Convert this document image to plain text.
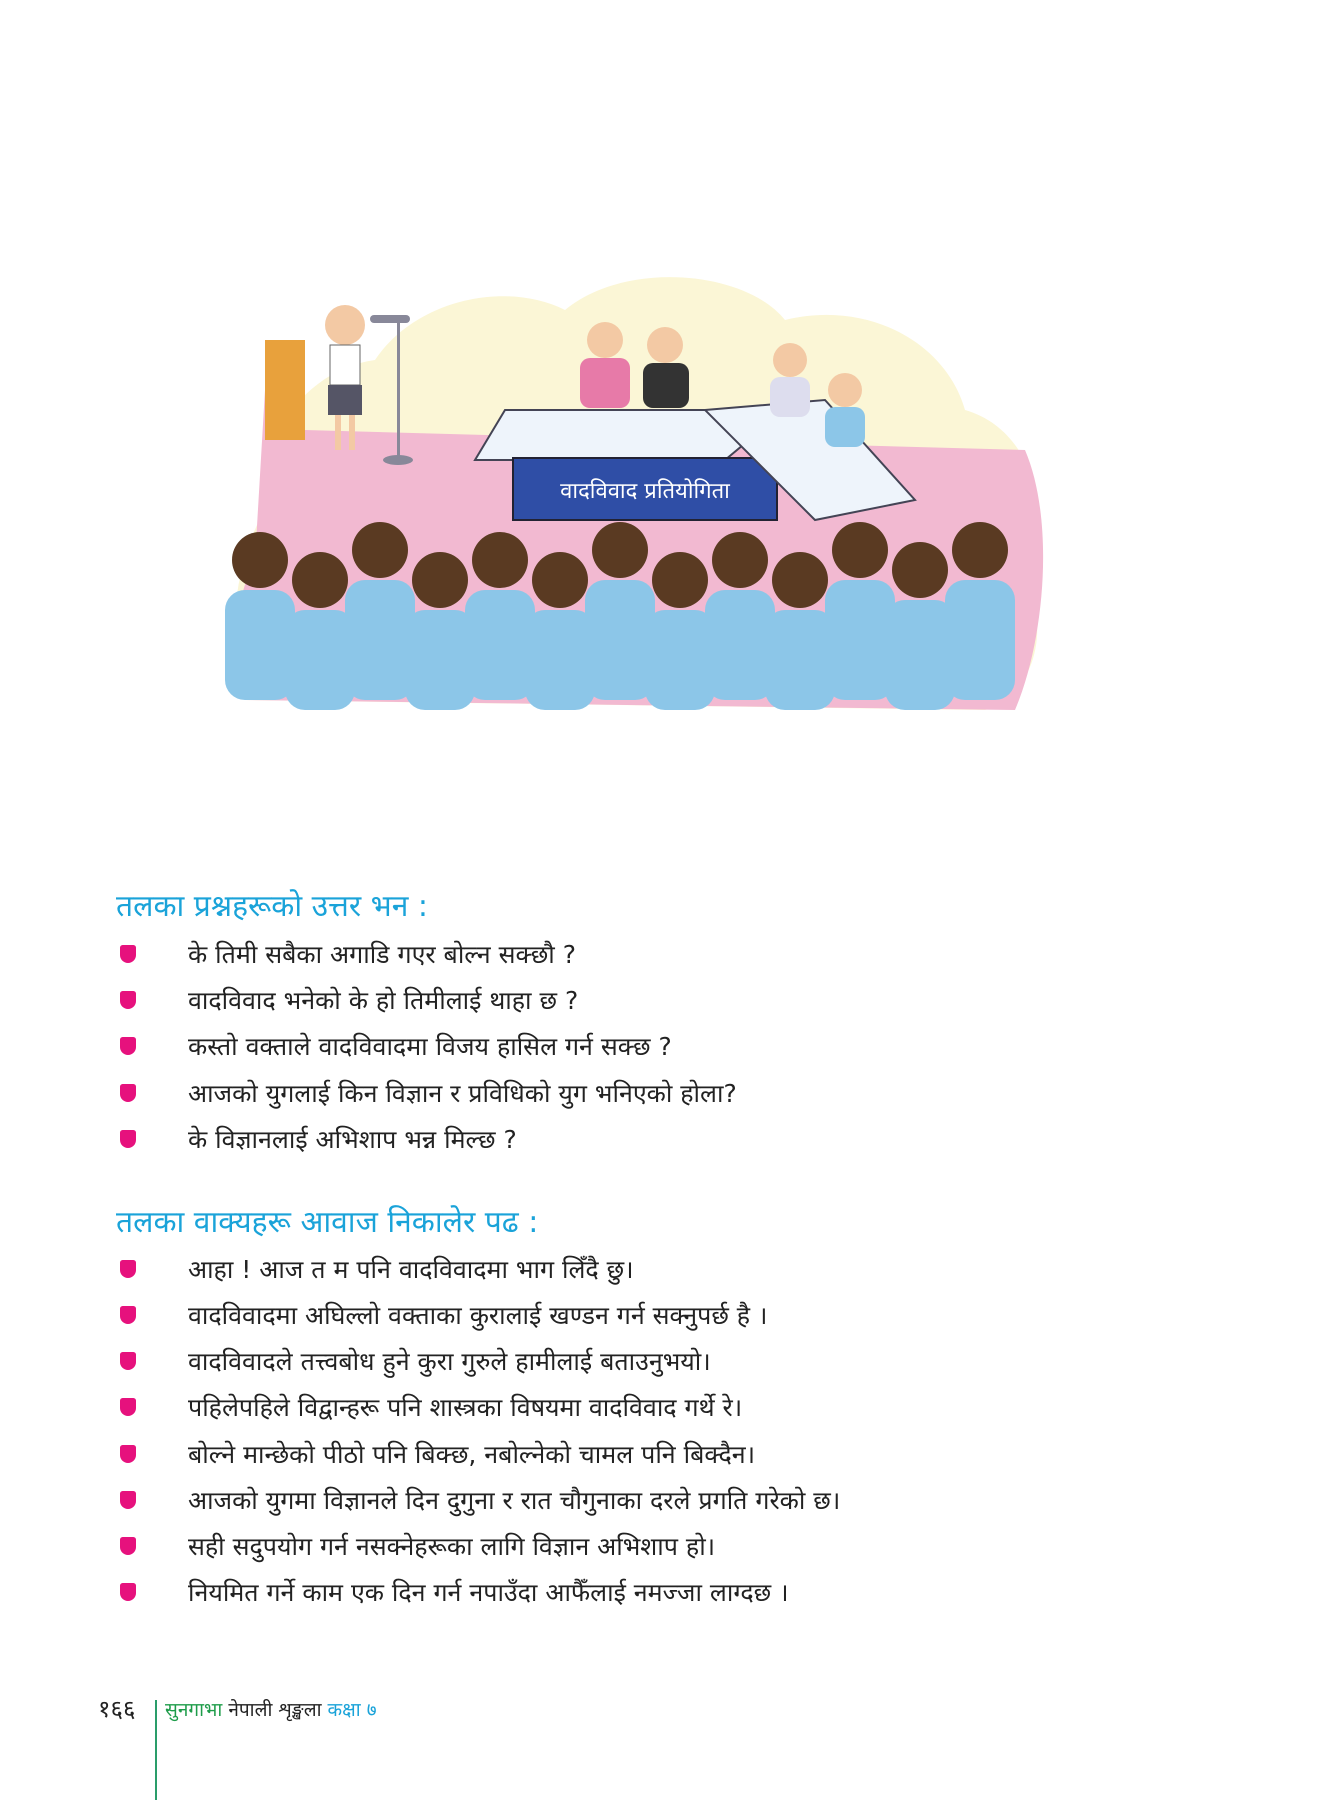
वादविवाद प्रतियोगिता
तलका प्रश्नहरूको उत्तर भन :
के तिमी सबैका अगाडि गएर बोल्न सक्छौ ?
वादविवाद भनेको के हो तिमीलाई थाहा छ ?
कस्तो वक्ताले वादविवादमा विजय हासिल गर्न सक्छ ?
आजको युगलाई किन विज्ञान र प्रविधिको युग भनिएको होला?
के विज्ञानलाई अभिशाप भन्न मिल्छ ?
तलका वाक्यहरू आवाज निकालेर पढ :
आहा ! आज त म पनि वादविवादमा भाग लिँदै छु।
वादविवादमा अघिल्लो वक्ताका कुरालाई खण्डन गर्न सक्नुपर्छ है ।
वादविवादले तत्त्वबोध हुने कुरा गुरुले हामीलाई बताउनुभयो।
पहिलेपहिले विद्वान्हरू पनि शास्त्रका विषयमा वादविवाद गर्थे रे।
बोल्ने मान्छेको पीठो पनि बिक्छ, नबोल्नेको चामल पनि बिक्दैन।
आजको युगमा विज्ञानले दिन दुगुना र रात चौगुनाका दरले प्रगति गरेको छ।
सही सदुपयोग गर्न नसक्नेहरूका लागि विज्ञान अभिशाप हो।
नियमित गर्ने काम एक दिन गर्न नपाउँदा आफैँलाई नमज्जा लाग्दछ ।
१६६ सुनगाभा नेपाली शृङ्खला कक्षा ७
